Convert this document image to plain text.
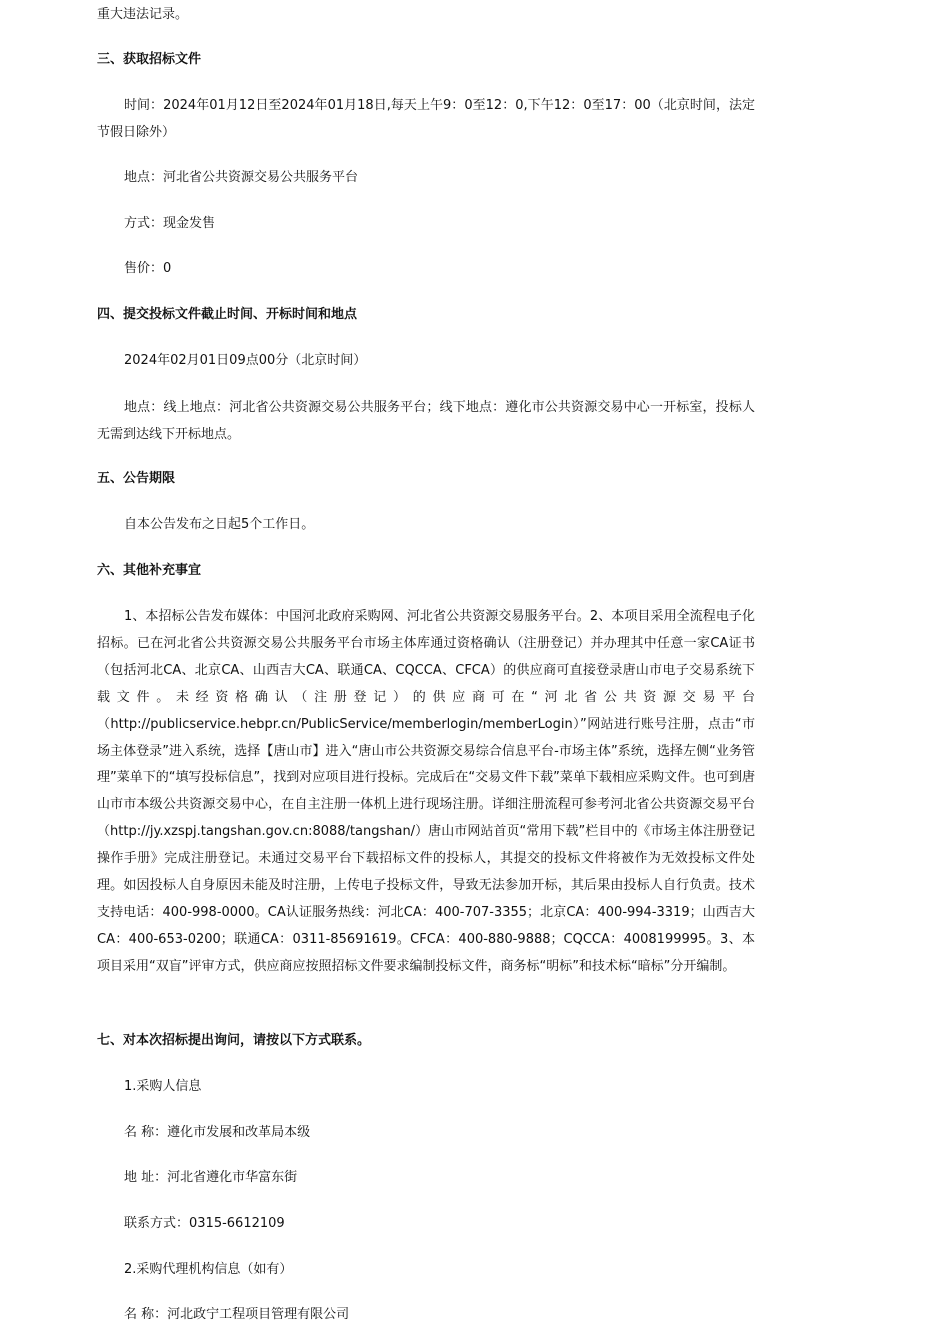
重大违法记录。
三、获取招标文件

时间：2024年01月12日至2024年01月18日,每天上午9：0至12：0,下午12：0至17：00（北京时间，法定节假日除外）

地点：河北省公共资源交易公共服务平台
方式：现金发售
售价：0
四、提交投标文件截止时间、开标时间和地点
2024年02月01日09点00分（北京时间）

地点：线上地点：河北省公共资源交易公共服务平台；线下地点：遵化市公共资源交易中心一开标室，投标人无需到达线下开标地点。

五、公告期限
自本公告发布之日起5个工作日。
六、其他补充事宜

1、本招标公告发布媒体：中国河北政府采购网、河北省公共资源交易服务平台。2、本项目采用全流程电子化招标。已在河北省公共资源交易公共服务平台市场主体库通过资格确认（注册登记）并办理其中任意一家CA证书（包括河北CA、北京CA、山西吉大CA、联通CA、CQCCA、CFCA）的供应商可直接登录唐山市电子交易系统下载文件。未经资格确认（注册登记）的供应商可在“河北省公共资源交易平台（http://publicservice.hebpr.cn/PublicService/memberlogin/memberLogin）”网站进行账号注册，点击“市场主体登录”进入系统，选择【唐山市】进入“唐山市公共资源交易综合信息平台-市场主体”系统，选择左侧“业务管理”菜单下的“填写投标信息”，找到对应项目进行投标。完成后在“交易文件下载”菜单下载相应采购文件。也可到唐山市市本级公共资源交易中心，在自主注册一体机上进行现场注册。详细注册流程可参考河北省公共资源交易平台（http://jy.xzspj.tangshan.gov.cn:8088/tangshan/）唐山市网站首页“常用下载”栏目中的《市场主体注册登记操作手册》完成注册登记。未通过交易平台下载招标文件的投标人，其提交的投标文件将被作为无效投标文件处理。如因投标人自身原因未能及时注册，上传电子投标文件，导致无法参加开标，其后果由投标人自行负责。技术支持电话：400-998-0000。CA认证服务热线：河北CA：400-707-3355；北京CA：400-994-3319；山西吉大CA：400-653-0200；联通CA：0311-85691619。CFCA：400-880-9888；CQCCA：4008199995。3、本项目采用“双盲”评审方式，供应商应按照招标文件要求编制投标文件，商务标“明标”和技术标“暗标”分开编制。

七、对本次招标提出询问，请按以下方式联系。
1.采购人信息
名 称：遵化市发展和改革局本级
地 址：河北省遵化市华富东街
联系方式：0315-6612109
2.采购代理机构信息（如有）
名 称：河北政宁工程项目管理有限公司
